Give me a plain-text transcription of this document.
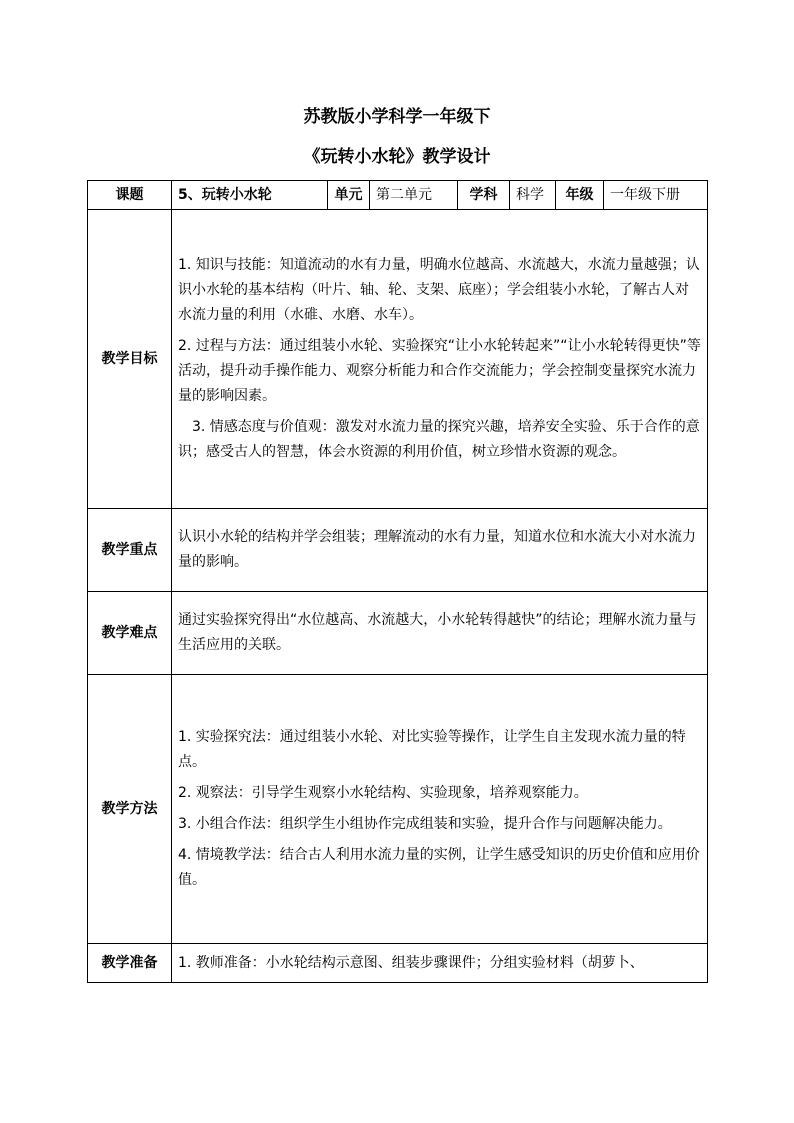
苏教版小学科学一年级下
《玩转小水轮》教学设计
课题	5、玩转小水轮	单元	第二单元	学科	科学	年级	一年级下册
教学目标	1. 知识与技能：知道流动的水有力量，明确水位越高、水流越大，水流力量越强；认识小水轮的基本结构（叶片、轴、轮、支架、底座）；学会组装小水轮，了解古人对水流力量的利用（水碓、水磨、水车）。

2. 过程与方法：通过组装小水轮、实验探究“让小水轮转起来”“让小水轮转得更快”等活动，提升动手操作能力、观察分析能力和合作交流能力；学会控制变量探究水流力量的影响因素。

3. 情感态度与价值观：激发对水流力量的探究兴趣，培养安全实验、乐于合作的意识；感受古人的智慧，体会水资源的利用价值，树立珍惜水资源的观念。						

教学重点	认识小水轮的结构并学会组装；理解流动的水有力量，知道水位和水流大小对水流力量的影响。						

教学难点	通过实验探究得出“水位越高、水流越大，小水轮转得越快”的结论；理解水流力量与生活应用的关联。						

教学方法	1. 实验探究法：通过组装小水轮、对比实验等操作，让学生自主发现水流力量的特点。

2. 观察法：引导学生观察小水轮结构、实验现象，培养观察能力。

3. 小组合作法：组织学生小组协作完成组装和实验，提升合作与问题解决能力。

4. 情境教学法：结合古人利用水流力量的实例，让学生感受知识的历史价值和应用价值。						

教学准备	1. 教师准备：小水轮结构示意图、组装步骤课件；分组实验材料（胡萝卜、						
